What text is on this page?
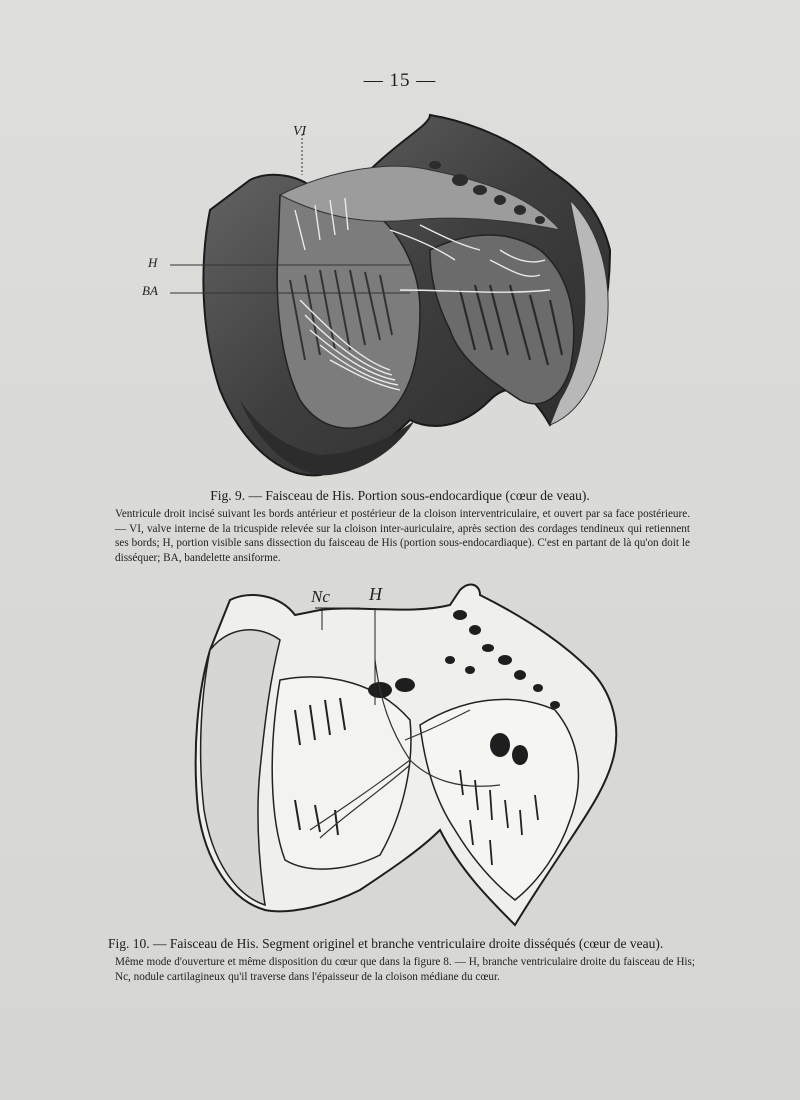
— 15 —
VI
H
BA
Fig. 9. — Faisceau de His. Portion sous-endocardique (cœur de veau).

Ventricule droit incisé suivant les bords antérieur et postérieur de la cloison interventriculaire, et ouvert par sa face postérieure. — VI, valve interne de la tricuspide relevée sur la cloison inter-auriculaire, après section des cordages tendineux qui retiennent ses bords; H, portion visible sans dissection du faisceau de His (portion sous-endocardiaque). C'est en partant de là qu'on doit le disséquer; BA, bandelette ansiforme.

Nc H
Fig. 10. — Faisceau de His. Segment originel et branche ventriculaire droite disséqués (cœur de veau).

Même mode d'ouverture et même disposition du cœur que dans la figure 8. — H, branche ventriculaire droite du faisceau de His; Nc, nodule cartilagineux qu'il traverse dans l'épaisseur de la cloison médiane du cœur.
